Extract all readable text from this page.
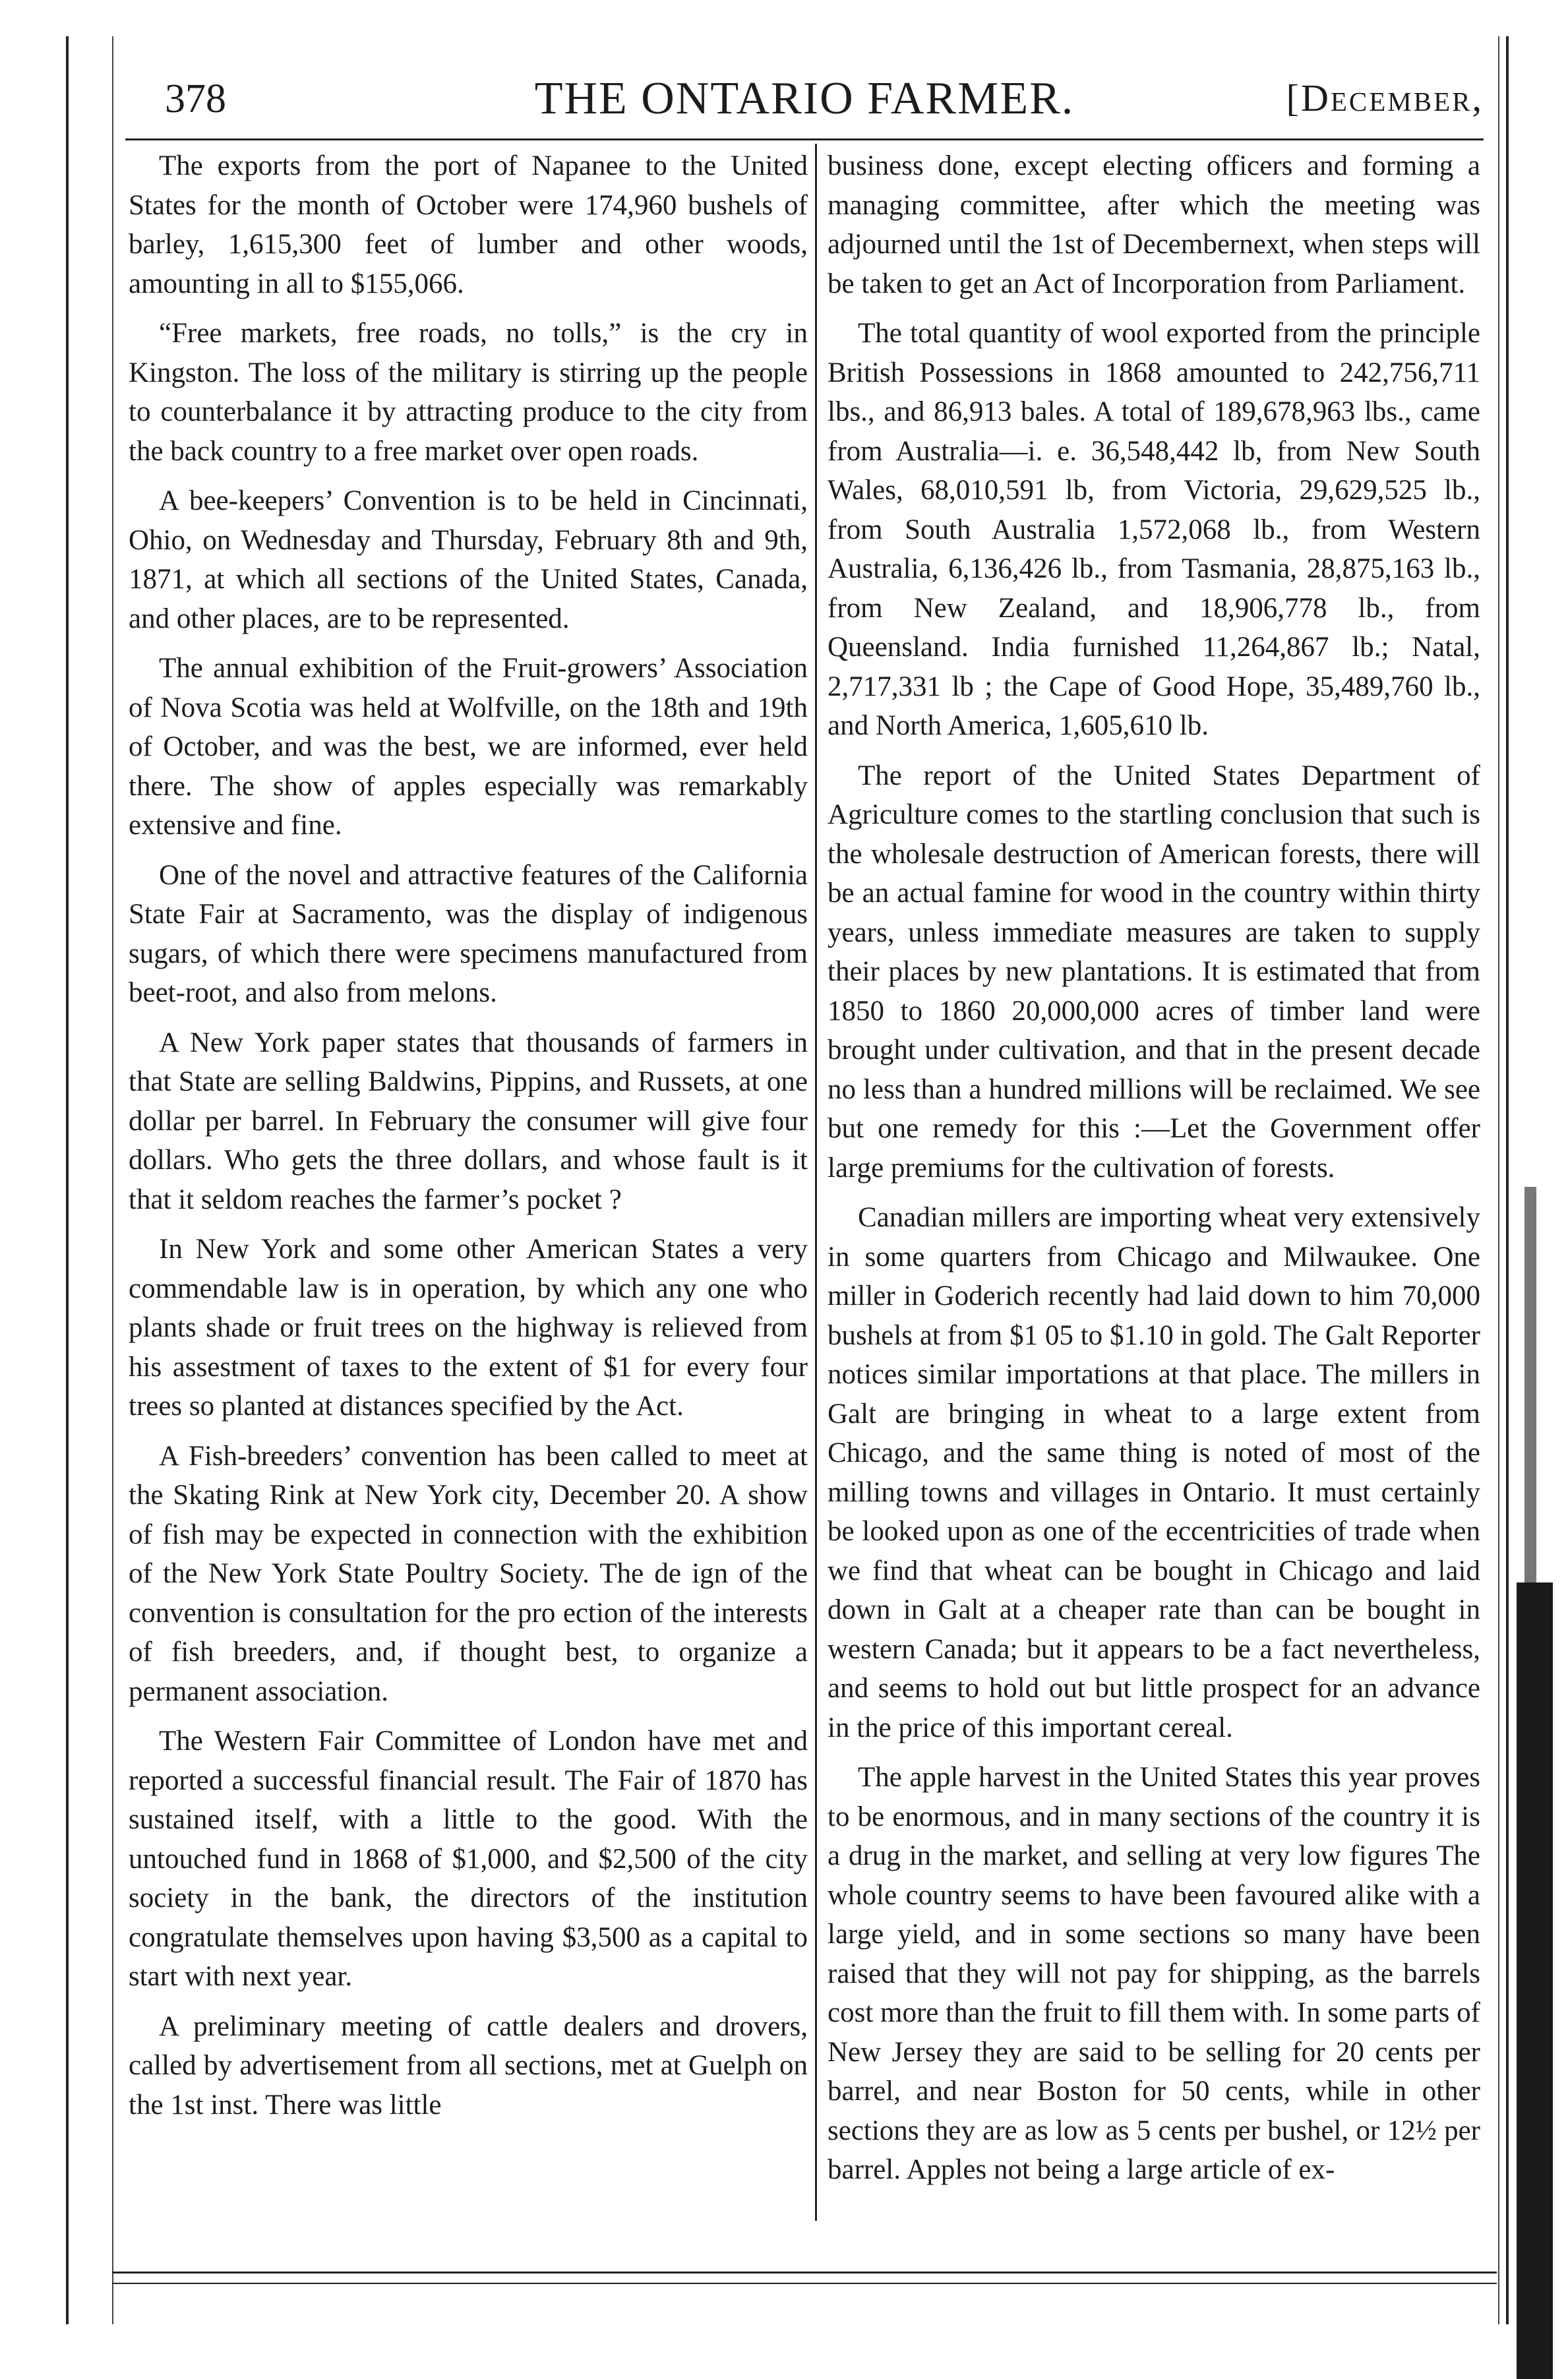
378	THE ONTARIO FARMER.	[December,

The exports from the port of Napanee to the United States for the month of October were 174,960 bushels of barley, 1,615,300 feet of lumber and other woods, amounting in all to $155,066.

“Free markets, free roads, no tolls,” is the cry in Kingston. The loss of the military is stirring up the people to counterbalance it by attracting produce to the city from the back country to a free market over open roads.

A bee-keepers’ Convention is to be held in Cincinnati, Ohio, on Wednesday and Thursday, February 8th and 9th, 1871, at which all sections of the United States, Canada, and other places, are to be represented.

The annual exhibition of the Fruit-growers’ Association of Nova Scotia was held at Wolfville, on the 18th and 19th of October, and was the best, we are informed, ever held there. The show of apples especially was remarkably extensive and fine.

One of the novel and attractive features of the California State Fair at Sacramento, was the display of indigenous sugars, of which there were specimens manufactured from beet-root, and also from melons.

A New York paper states that thousands of farmers in that State are selling Baldwins, Pippins, and Russets, at one dollar per barrel. In February the consumer will give four dollars. Who gets the three dollars, and whose fault is it that it seldom reaches the farmer’s pocket ?

In New York and some other American States a very commendable law is in operation, by which any one who plants shade or fruit trees on the highway is relieved from his assestment of taxes to the extent of $1 for every four trees so planted at distances specified by the Act.

A Fish-breeders’ convention has been called to meet at the Skating Rink at New York city, December 20. A show of fish may be expected in connection with the exhibition of the New York State Poultry Society. The de ign of the convention is consultation for the pro ection of the interests of fish breeders, and, if thought best, to organize a permanent association.

The Western Fair Committee of London have met and reported a successful financial result. The Fair of 1870 has sustained itself, with a little to the good. With the untouched fund in 1868 of $1,000, and $2,500 of the city society in the bank, the directors of the institution congratulate themselves upon having $3,500 as a capital to start with next year.

A preliminary meeting of cattle dealers and drovers, called by advertisement from all sections, met at Guelph on the 1st inst. There was little

business done, except electing officers and forming a managing committee, after which the meeting was adjourned until the 1st of Decembernext, when steps will be taken to get an Act of Incorporation from Parliament.

The total quantity of wool exported from the principle British Possessions in 1868 amounted to 242,756,711 lbs., and 86,913 bales. A total of 189,678,963 lbs., came from Australia—i. e. 36,548,442 lb, from New South Wales, 68,010,591 lb, from Victoria, 29,629,525 lb., from South Australia 1,572,068 lb., from Western Australia, 6,136,426 lb., from Tasmania, 28,875,163 lb., from New Zealand, and 18,906,778 lb., from Queensland. India furnished 11,264,867 lb.; Natal, 2,717,331 lb ; the Cape of Good Hope, 35,489,760 lb., and North America, 1,605,610 lb.

The report of the United States Department of Agriculture comes to the startling conclusion that such is the wholesale destruction of American forests, there will be an actual famine for wood in the country within thirty years, unless immediate measures are taken to supply their places by new plantations. It is estimated that from 1850 to 1860 20,000,000 acres of timber land were brought under cultivation, and that in the present decade no less than a hundred millions will be reclaimed. We see but one remedy for this :—Let the Government offer large premiums for the cultivation of forests.

Canadian millers are importing wheat very extensively in some quarters from Chicago and Milwaukee. One miller in Goderich recently had laid down to him 70,000 bushels at from $1 05 to $1.10 in gold. The Galt Reporter notices similar importations at that place. The millers in Galt are bringing in wheat to a large extent from Chicago, and the same thing is noted of most of the milling towns and villages in Ontario. It must certainly be looked upon as one of the eccentricities of trade when we find that wheat can be bought in Chicago and laid down in Galt at a cheaper rate than can be bought in western Canada; but it appears to be a fact nevertheless, and seems to hold out but little prospect for an advance in the price of this important cereal.

The apple harvest in the United States this year proves to be enormous, and in many sections of the country it is a drug in the market, and selling at very low figures The whole country seems to have been favoured alike with a large yield, and in some sections so many have been raised that they will not pay for shipping, as the barrels cost more than the fruit to fill them with. In some parts of New Jersey they are said to be selling for 20 cents per barrel, and near Boston for 50 cents, while in other sections they are as low as 5 cents per bushel, or 12½ per barrel. Apples not being a large article of ex-
